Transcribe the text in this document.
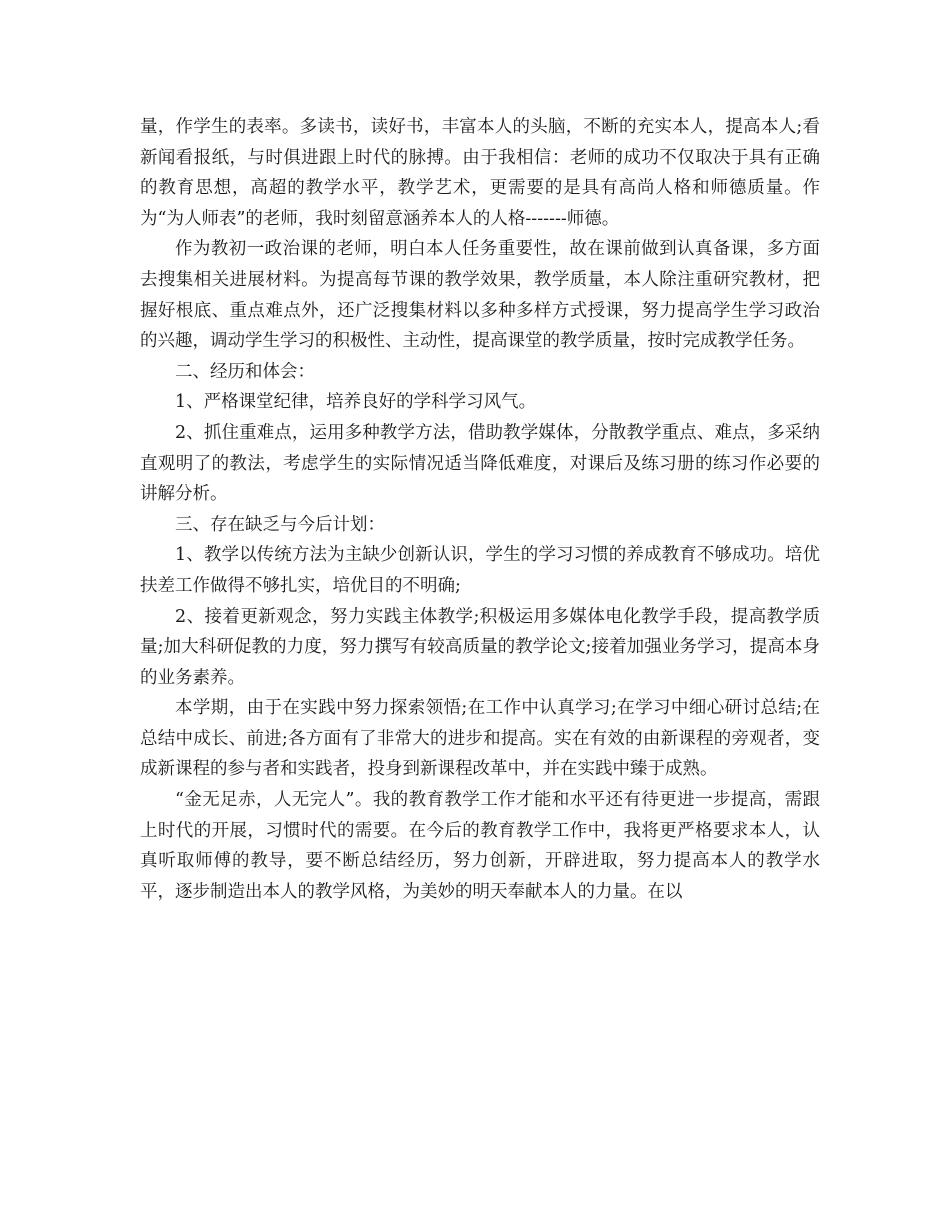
量，作学生的表率。多读书，读好书，丰富本人的头脑，不断的充实本人，提高本人;看新闻看报纸，与时俱进跟上时代的脉搏。由于我相信：老师的成功不仅取决于具有正确的教育思想，高超的教学水平，教学艺术，更需要的是具有高尚人格和师德质量。作为“为人师表”的老师，我时刻留意涵养本人的人格-------师德。

作为教初一政治课的老师，明白本人任务重要性，故在课前做到认真备课，多方面去搜集相关进展材料。为提高每节课的教学效果，教学质量，本人除注重研究教材，把握好根底、重点难点外，还广泛搜集材料以多种多样方式授课，努力提高学生学习政治的兴趣，调动学生学习的积极性、主动性，提高课堂的教学质量，按时完成教学任务。

二、经历和体会：

1、严格课堂纪律，培养良好的学科学习风气。

2、抓住重难点，运用多种教学方法，借助教学媒体，分散教学重点、难点，多采纳直观明了的教法，考虑学生的实际情况适当降低难度，对课后及练习册的练习作必要的讲解分析。

三、存在缺乏与今后计划：

1、教学以传统方法为主缺少创新认识，学生的学习习惯的养成教育不够成功。培优扶差工作做得不够扎实，培优目的不明确;

2、接着更新观念，努力实践主体教学;积极运用多媒体电化教学手段，提高教学质量;加大科研促教的力度，努力撰写有较高质量的教学论文;接着加强业务学习，提高本身的业务素养。

本学期，由于在实践中努力探索领悟;在工作中认真学习;在学习中细心研讨总结;在总结中成长、前进;各方面有了非常大的进步和提高。实在有效的由新课程的旁观者，变成新课程的参与者和实践者，投身到新课程改革中，并在实践中臻于成熟。

“金无足赤，人无完人”。我的教育教学工作才能和水平还有待更进一步提高，需跟上时代的开展，习惯时代的需要。在今后的教育教学工作中，我将更严格要求本人，认真听取师傅的教导，要不断总结经历，努力创新，开辟进取，努力提高本人的教学水平，逐步制造出本人的教学风格，为美妙的明天奉献本人的力量。在以
